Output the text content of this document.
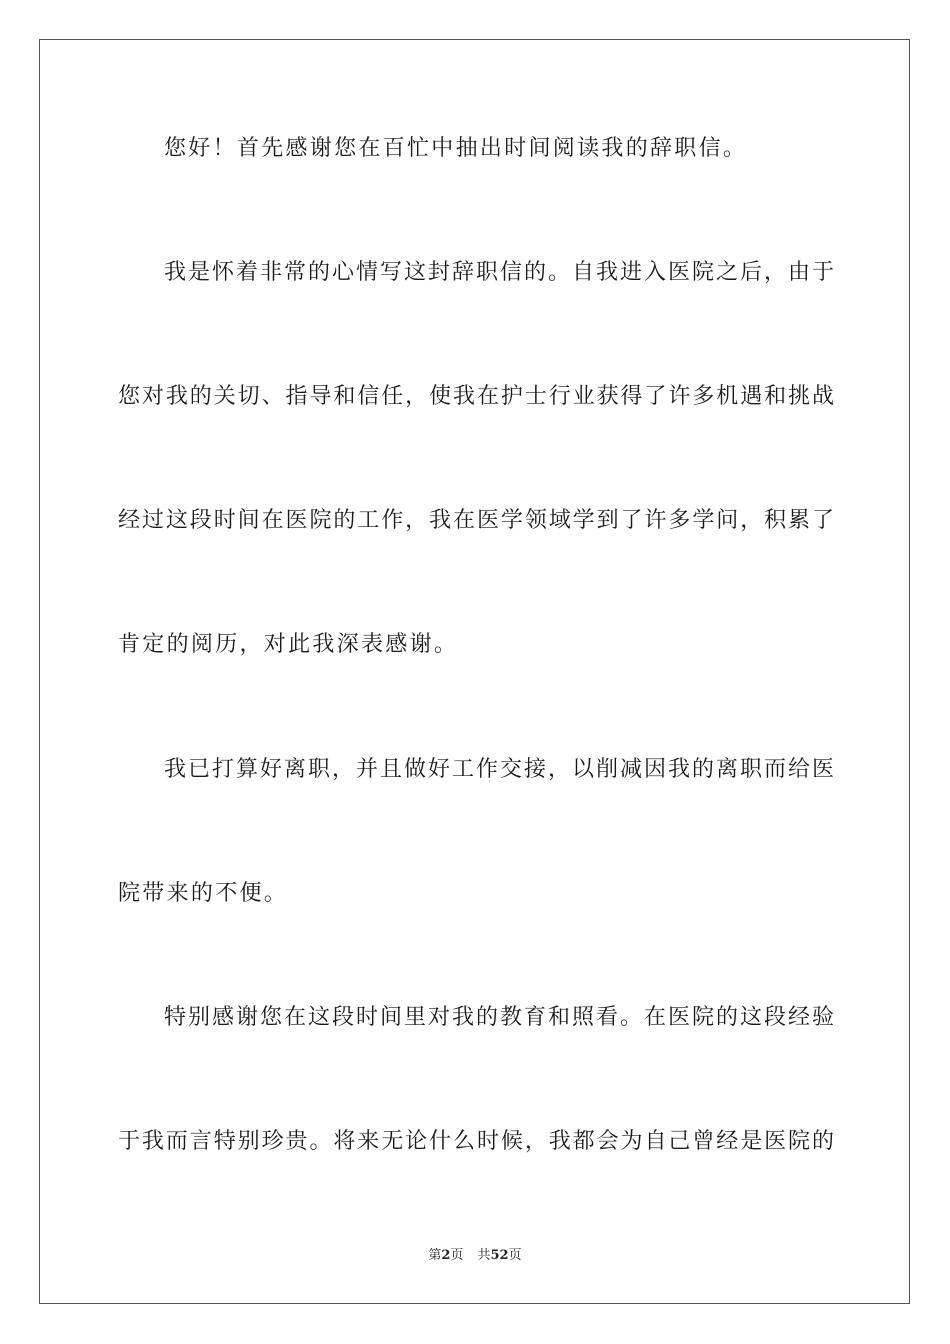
您好！首先感谢您在百忙中抽出时间阅读我的辞职信。
我是怀着非常的心情写这封辞职信的。自我进入医院之后，由于
您对我的关切、指导和信任，使我在护士行业获得了许多机遇和挑战
经过这段时间在医院的工作，我在医学领域学到了许多学问，积累了
肯定的阅历，对此我深表感谢。
我已打算好离职，并且做好工作交接，以削减因我的离职而给医
院带来的不便。
特别感谢您在这段时间里对我的教育和照看。在医院的这段经验
于我而言特别珍贵。将来无论什么时候，我都会为自己曾经是医院的
第2页 共52页
